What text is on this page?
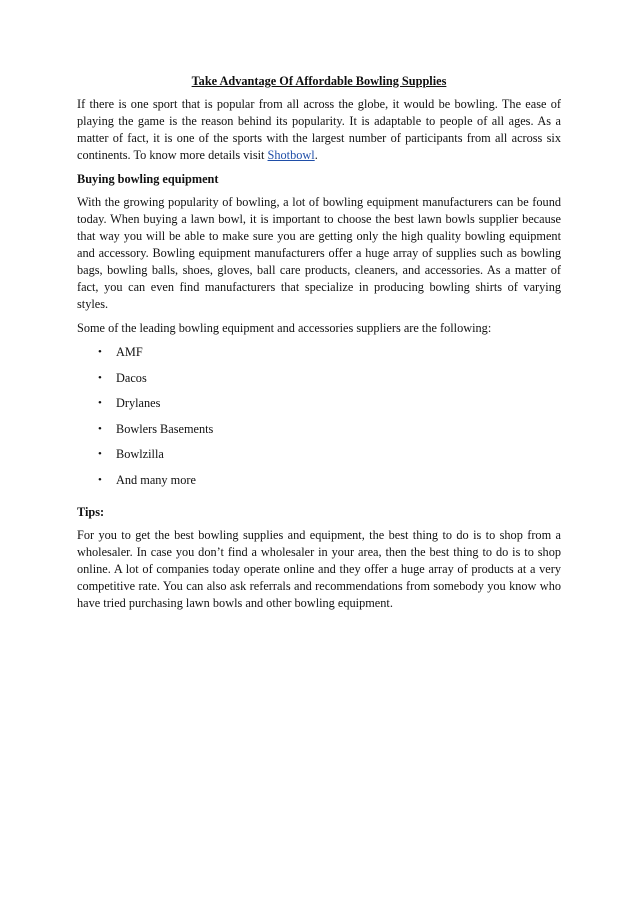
Take Advantage Of Affordable Bowling Supplies

If there is one sport that is popular from all across the globe, it would be bowling. The ease of playing the game is the reason behind its popularity. It is adaptable to people of all ages. As a matter of fact, it is one of the sports with the largest number of participants from all across six continents. To know more details visit Shotbowl.

Buying bowling equipment

With the growing popularity of bowling, a lot of bowling equipment manufacturers can be found today. When buying a lawn bowl, it is important to choose the best lawn bowls supplier because that way you will be able to make sure you are getting only the high quality bowling equipment and accessory. Bowling equipment manufacturers offer a huge array of supplies such as bowling bags, bowling balls, shoes, gloves, ball care products, cleaners, and accessories. As a matter of fact, you can even find manufacturers that specialize in producing bowling shirts of varying styles.

Some of the leading bowling equipment and accessories suppliers are the following:

• AMF
• Dacos
• Drylanes
• Bowlers Basements
• Bowlzilla
• And many more
Tips:

For you to get the best bowling supplies and equipment, the best thing to do is to shop from a wholesaler. In case you don’t find a wholesaler in your area, then the best thing to do is to shop online. A lot of companies today operate online and they offer a huge array of products at a very competitive rate. You can also ask referrals and recommendations from somebody you know who have tried purchasing lawn bowls and other bowling equipment.
